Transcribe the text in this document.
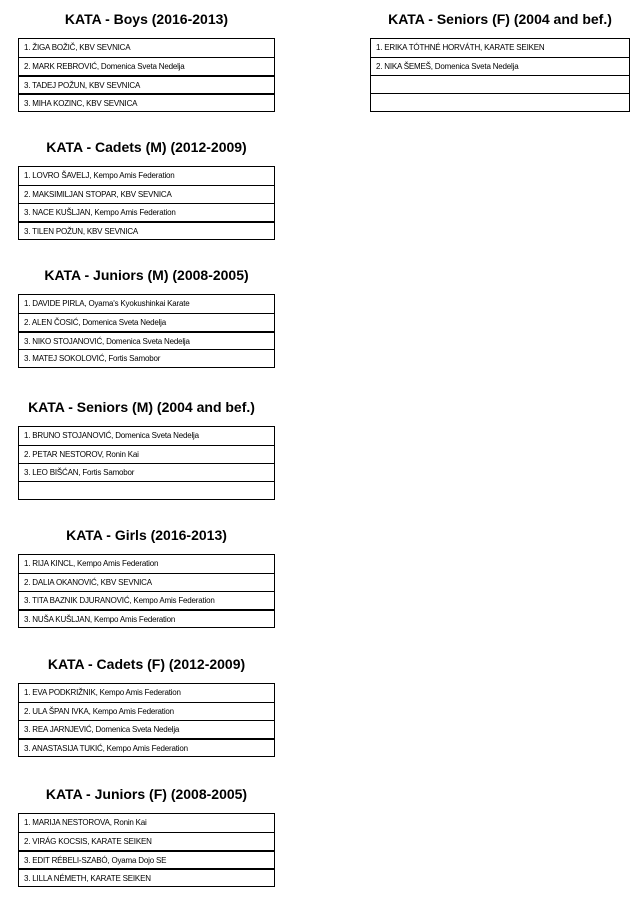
KATA - Boys (2016-2013)
1. ŽIGA BOŽIČ, KBV SEVNICA
2. MARK REBROVIĆ, Domenica Sveta Nedelja
3. TADEJ POŽUN, KBV SEVNICA
3. MIHA KOZINC, KBV SEVNICA
KATA - Cadets (M) (2012-2009)
1. LOVRO ŠAVELJ, Kempo Amis Federation
2. MAKSIMILJAN STOPAR, KBV SEVNICA
3. NACE KUŠLJAN, Kempo Amis Federation
3. TILEN POŽUN, KBV SEVNICA
KATA - Juniors (M) (2008-2005)
1. DAVIDE PIRLA, Oyama's Kyokushinkai Karate
2. ALEN ČOSIĆ, Domenica Sveta Nedelja
3. NIKO STOJANOVIĆ, Domenica Sveta Nedelja
3. MATEJ SOKOLOVIĆ, Fortis Samobor
KATA - Seniors (M) (2004 and bef.)
1. BRUNO STOJANOVIĆ, Domenica Sveta Nedelja
2. PETAR NESTOROV, Ronin Kai
3. LEO BIŠĆAN, Fortis Samobor
KATA - Girls (2016-2013)
1. RIJA KINCL, Kempo Amis Federation
2. DALIA OKANOVIĆ, KBV SEVNICA
3. TITA BAZNIK DJURANOVIĆ, Kempo Amis Federation
3. NUŠA KUŠLJAN, Kempo Amis Federation
KATA - Cadets (F) (2012-2009)
1. EVA PODKRIŽNIK, Kempo Amis Federation
2. ULA ŠPAN IVKA, Kempo Amis Federation
3. REA JARNJEVIĆ, Domenica Sveta Nedelja
3. ANASTASIJA TUKIĆ, Kempo Amis Federation
KATA - Juniors (F) (2008-2005)
1. MARIJA NESTOROVA, Ronin Kai
2. VIRÁG KOCSIS, KARATE SEIKEN
3. EDIT RÉBELI-SZABÓ, Oyama Dojo SE
3. LILLA NÉMETH, KARATE SEIKEN
KATA - Seniors (F) (2004 and bef.)
1. ERIKA TÓTHNÉ HORVÁTH, KARATE SEIKEN
2. NIKA ŠEMEŠ, Domenica Sveta Nedelja
